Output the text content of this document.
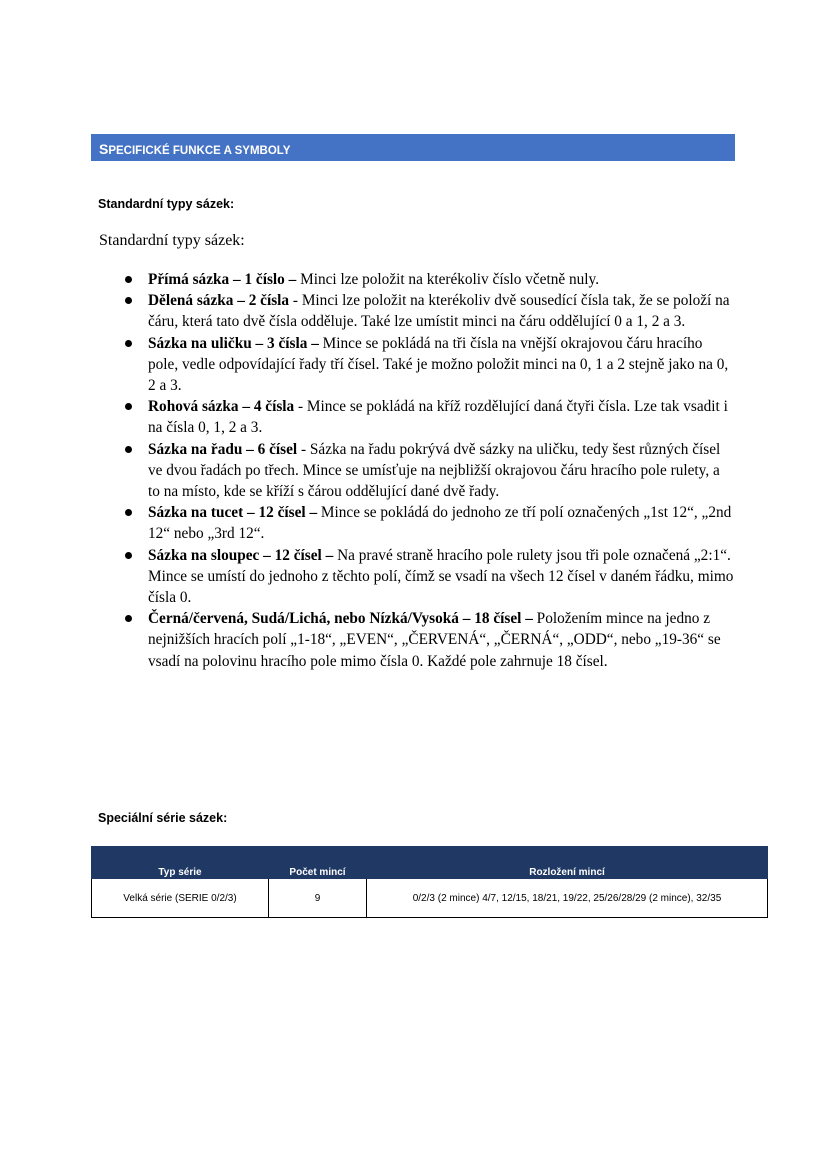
SPECIFICKÉ FUNKCE A SYMBOLY
Standardní typy sázek:
Standardní typy sázek:
Přímá sázka – 1 číslo – Minci lze položit na kterékoliv číslo včetně nuly.
Dělená sázka – 2 čísla - Minci lze položit na kterékoliv dvě sousedící čísla tak, že se položí na čáru, která tato dvě čísla odděluje. Také lze umístit minci na čáru oddělující 0 a 1, 2 a 3.
Sázka na uličku – 3 čísla – Mince se pokládá na tři čísla na vnější okrajovou čáru hracího pole, vedle odpovídající řady tří čísel. Také je možno položit minci na 0, 1 a 2 stejně jako na 0, 2 a 3.
Rohová sázka – 4 čísla - Mince se pokládá na kříž rozdělující daná čtyři čísla. Lze tak vsadit i na čísla 0, 1, 2 a 3.
Sázka na řadu – 6 čísel - Sázka na řadu pokrývá dvě sázky na uličku, tedy šest různých čísel ve dvou řadách po třech. Mince se umísťuje na nejbližší okrajovou čáru hracího pole rulety, a to na místo, kde se kříží s čárou oddělující dané dvě řady.
Sázka na tucet – 12 čísel – Mince se pokládá do jednoho ze tří polí označených „1st 12“, „2nd 12“ nebo „3rd 12“.
Sázka na sloupec – 12 čísel – Na pravé straně hracího pole rulety jsou tři pole označená „2:1“. Mince se umístí do jednoho z těchto polí, čímž se vsadí na všech 12 čísel v daném řádku, mimo čísla 0.
Černá/červená, Sudá/Lichá, nebo Nízká/Vysoká – 18 čísel – Položením mince na jedno z nejnižších hracích polí „1-18“, „EVEN“, „ČERVENÁ“, „ČERNÁ“, „ODD“, nebo „19-36“ se vsadí na polovinu hracího pole mimo čísla 0. Každé pole zahrnuje 18 čísel.
Speciální série sázek:
Typ série	Počet mincí	Rozložení mincí
Velká série (SERIE 0/2/3)	9	0/2/3 (2 mince) 4/7, 12/15, 18/21, 19/22, 25/26/28/29 (2 mince), 32/35
